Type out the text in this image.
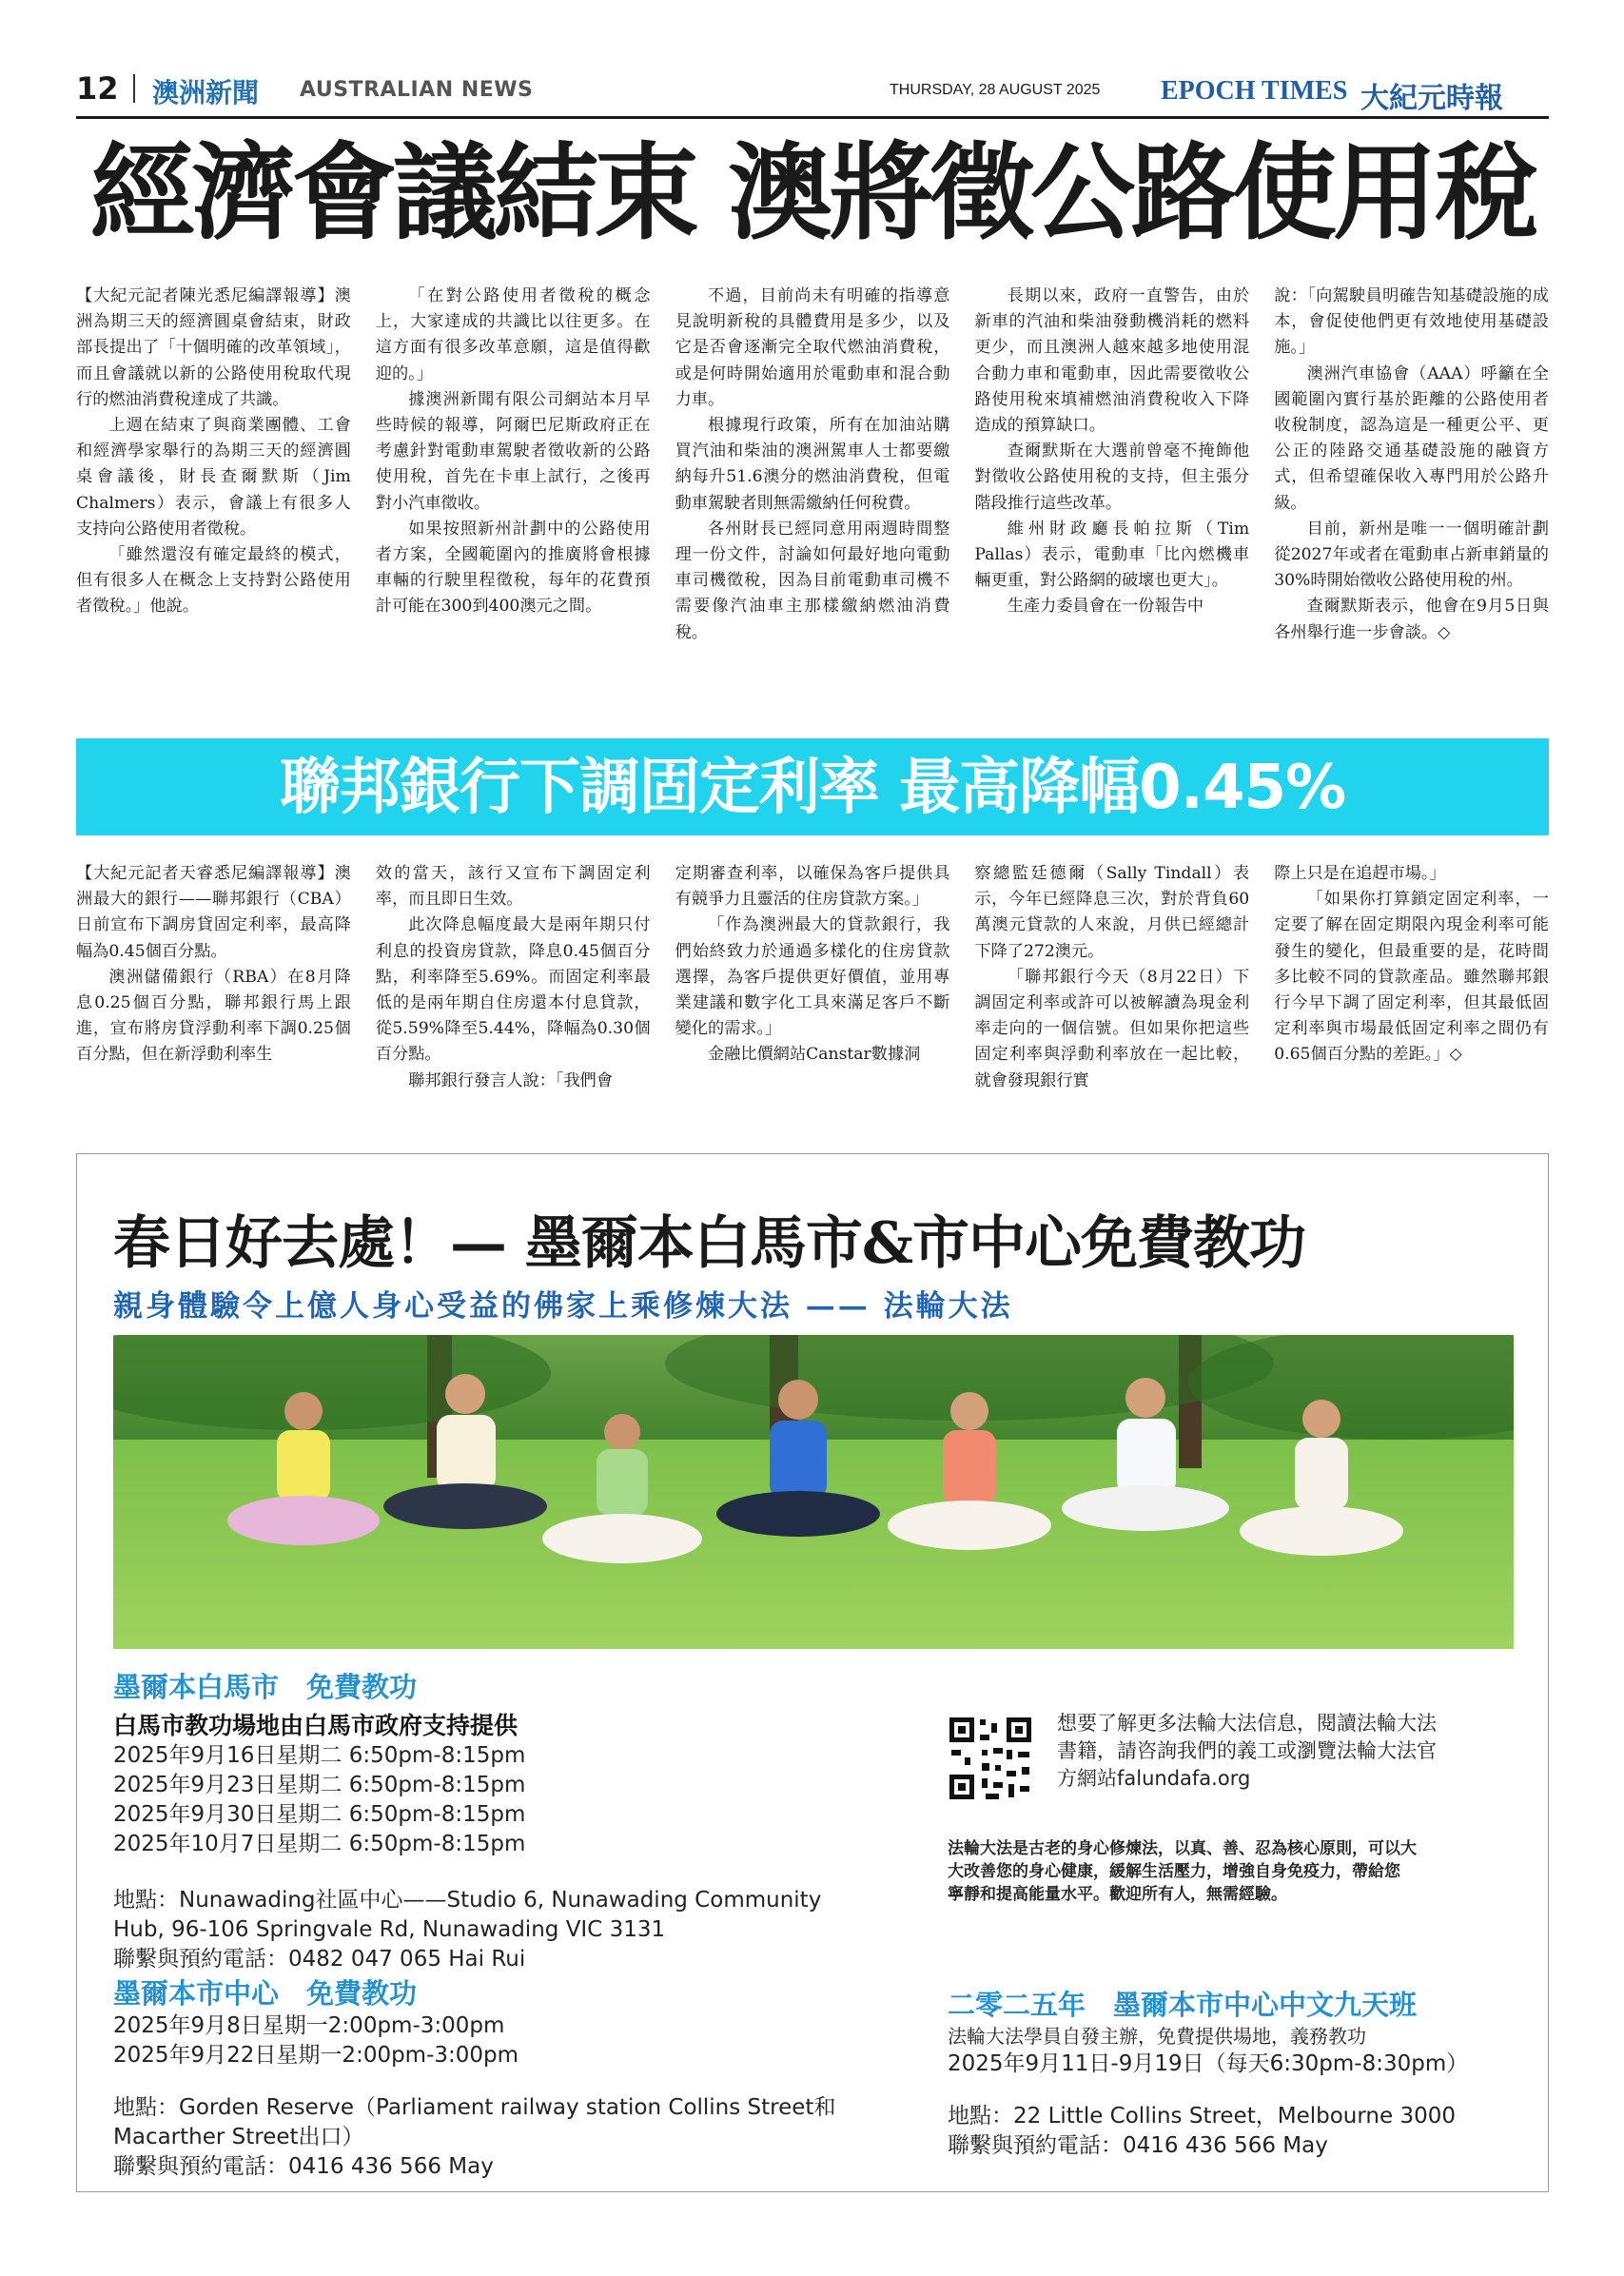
12 澳洲新聞 AUSTRALIAN NEWS	THURSDAY, 28 AUGUST 2025 EPOCH TIMES 大紀元時報
經濟會議結束 澳將徵公路使用稅

【大紀元記者陳光悉尼編譯報導】澳洲為期三天的經濟圓桌會結束，財政部長提出了「十個明確的改革領域」，而且會議就以新的公路使用稅取代現行的燃油消費稅達成了共識。

上週在結束了與商業團體、工會和經濟學家舉行的為期三天的經濟圓桌會議後，財長查爾默斯（Jim Chalmers）表示，會議上有很多人支持向公路使用者徵稅。

「雖然還沒有確定最終的模式，但有很多人在概念上支持對公路使用者徵稅。」他說。

「在對公路使用者徵稅的概念上，大家達成的共識比以往更多。在這方面有很多改革意願，這是值得歡迎的。」

據澳洲新聞有限公司網站本月早些時候的報導，阿爾巴尼斯政府正在考慮針對電動車駕駛者徵收新的公路使用稅，首先在卡車上試行，之後再對小汽車徵收。

如果按照新州計劃中的公路使用者方案，全國範圍內的推廣將會根據車輛的行駛里程徵稅，每年的花費預計可能在300到400澳元之間。

不過，目前尚未有明確的指導意見說明新稅的具體費用是多少，以及它是否會逐漸完全取代燃油消費稅，或是何時開始適用於電動車和混合動力車。

根據現行政策，所有在加油站購買汽油和柴油的澳洲駕車人士都要繳納每升51.6澳分的燃油消費稅，但電動車駕駛者則無需繳納任何稅費。

各州財長已經同意用兩週時間整理一份文件，討論如何最好地向電動車司機徵稅，因為目前電動車司機不需要像汽油車主那樣繳納燃油消費稅。

長期以來，政府一直警告，由於新車的汽油和柴油發動機消耗的燃料更少，而且澳洲人越來越多地使用混合動力車和電動車，因此需要徵收公路使用稅來填補燃油消費稅收入下降造成的預算缺口。

查爾默斯在大選前曾毫不掩飾他對徵收公路使用稅的支持，但主張分階段推行這些改革。

維州財政廳長帕拉斯（Tim Pallas）表示，電動車「比內燃機車輛更重，對公路網的破壞也更大」。

生產力委員會在一份報告中

說：「向駕駛員明確告知基礎設施的成本，會促使他們更有效地使用基礎設施。」

澳洲汽車協會（AAA）呼籲在全國範圍內實行基於距離的公路使用者收稅制度，認為這是一種更公平、更公正的陸路交通基礎設施的融資方式，但希望確保收入專門用於公路升級。

目前，新州是唯一一個明確計劃從2027年或者在電動車占新車銷量的30%時開始徵收公路使用稅的州。

查爾默斯表示，他會在9月5日與各州舉行進一步會談。◇

聯邦銀行下調固定利率 最高降幅0.45%

【大紀元記者天睿悉尼編譯報導】澳洲最大的銀行——聯邦銀行（CBA）日前宣布下調房貸固定利率，最高降幅為0.45個百分點。

澳洲儲備銀行（RBA）在8月降息0.25個百分點，聯邦銀行馬上跟進，宣布將房貸浮動利率下調0.25個百分點，但在新浮動利率生

效的當天，該行又宣布下調固定利率，而且即日生效。

此次降息幅度最大是兩年期只付利息的投資房貸款，降息0.45個百分點，利率降至5.69%。而固定利率最低的是兩年期自住房還本付息貸款，從5.59%降至5.44%，降幅為0.30個百分點。

聯邦銀行發言人說：「我們會

定期審查利率，以確保為客戶提供具有競爭力且靈活的住房貸款方案。」

「作為澳洲最大的貸款銀行，我們始終致力於通過多樣化的住房貸款選擇，為客戶提供更好價值，並用專業建議和數字化工具來滿足客戶不斷變化的需求。」

金融比價網站Canstar數據洞

察總監廷德爾（Sally Tindall）表示，今年已經降息三次，對於背負60萬澳元貸款的人來說，月供已經總計下降了272澳元。

「聯邦銀行今天（8月22日）下調固定利率或許可以被解讀為現金利率走向的一個信號。但如果你把這些固定利率與浮動利率放在一起比較，就會發現銀行實

際上只是在追趕市場。」

「如果你打算鎖定固定利率，一定要了解在固定期限內現金利率可能發生的變化，但最重要的是，花時間多比較不同的貸款產品。雖然聯邦銀行今早下調了固定利率，但其最低固定利率與市場最低固定利率之間仍有0.65個百分點的差距。」◇

春日好去處！— 墨爾本白馬市&市中心免費教功
親身體驗令上億人身心受益的佛家上乘修煉大法 —— 法輪大法
墨爾本白馬市　免費教功
白馬市教功場地由白馬市政府支持提供
2025年9月16日星期二 6:50pm-8:15pm
2025年9月23日星期二 6:50pm-8:15pm
2025年9月30日星期二 6:50pm-8:15pm
2025年10月7日星期二 6:50pm-8:15pm
地點：Nunawading社區中心——Studio 6, Nunawading Community
Hub, 96-106 Springvale Rd, Nunawading VIC 3131
聯繫與預約電話：0482 047 065 Hai Rui
墨爾本市中心　免費教功
2025年9月8日星期一2:00pm-3:00pm
2025年9月22日星期一2:00pm-3:00pm
地點：Gorden Reserve（Parliament railway station Collins Street和
Macarther Street出口）
聯繫與預約電話：0416 436 566 May
想要了解更多法輪大法信息，閱讀法輪大法
書籍，請咨詢我們的義工或瀏覽法輪大法官
方網站falundafa.org
法輪大法是古老的身心修煉法，以真、善、忍為核心原則，可以大
大改善您的身心健康，緩解生活壓力，增強自身免疫力，帶給您
寧靜和提高能量水平。歡迎所有人，無需經驗。
二零二五年　墨爾本市中心中文九天班
法輪大法學員自發主辦，免費提供場地，義務教功
2025年9月11日-9月19日（每天6:30pm-8:30pm）
地點：22 Little Collins Street，Melbourne 3000
聯繫與預約電話：0416 436 566 May
